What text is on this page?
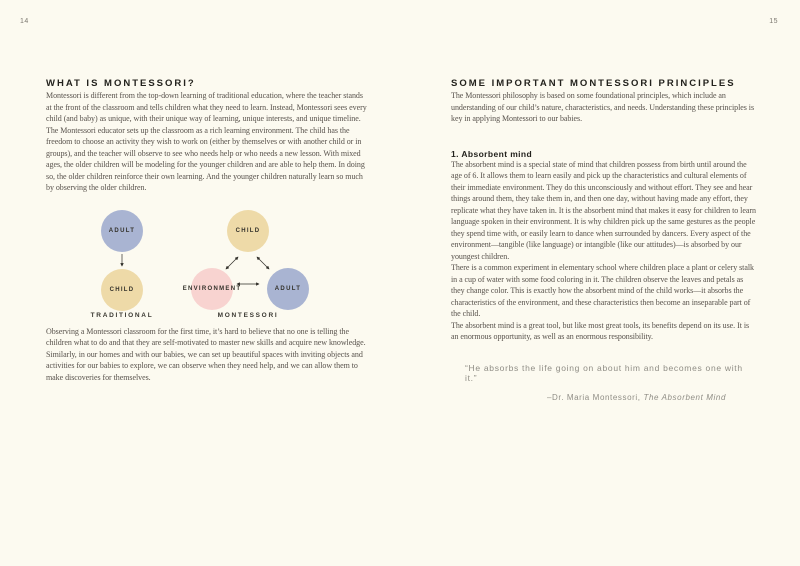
14
WHAT IS MONTESSORI?

Montessori is different from the top-down learning of traditional education, where the teacher stands at the front of the classroom and tells children what they need to learn. Instead, Montessori sees every child (and baby) as unique, with their unique way of learning, unique interests, and unique timeline.

The Montessori educator sets up the classroom as a rich learning environment. The child has the freedom to choose an activity they wish to work on (either by themselves or with another child or in groups), and the teacher will observe to see who needs help or who needs a new lesson. With mixed ages, the older children will be modeling for the younger children and are able to help them. In doing so, the older children reinforce their own learning. And the younger children naturally learn so much by observing the older children.

ADULT
CHILD
CHILD
ENVIRONMENT	ADULT
TRADITIONAL	MONTESSORI

Observing a Montessori classroom for the first time, it’s hard to believe that no one is telling the children what to do and that they are self-motivated to master new skills and acquire new knowledge.

Similarly, in our homes and with our babies, we can set up beautiful spaces with inviting objects and activities for our babies to explore, we can observe when they need help, and we can allow them to make discoveries for themselves.

15
SOME IMPORTANT MONTESSORI PRINCIPLES

The Montessori philosophy is based on some foundational principles, which include an understanding of our child’s nature, characteristics, and needs. Understanding these principles is key in applying Montessori to our babies.

1. Absorbent mind

The absorbent mind is a special state of mind that children possess from birth until around the age of 6. It allows them to learn easily and pick up the characteristics and cultural elements of their immediate environment. They do this unconsciously and without effort. They see and hear things around them, they take them in, and then one day, without having made any effort, they replicate what they have taken in. It is the absorbent mind that makes it easy for children to learn language spoken in their environment. It is why children pick up the same gestures as the people they spend time with, or easily learn to dance when surrounded by dancers. Every aspect of the environment—tangible (like language) or intangible (like our attitudes)—is absorbed by our youngest children.

There is a common experiment in elementary school where children place a plant or celery stalk in a cup of water with some food coloring in it. The children observe the leaves and petals as they change color. This is exactly how the absorbent mind of the child works—it absorbs the characteristics of the environment, and these characteristics then become an inseparable part of the child.

The absorbent mind is a great tool, but like most great tools, its benefits depend on its use. It is an enormous opportunity, as well as an enormous responsibility.

“He absorbs the life going on about him and becomes one with it.”
–Dr. Maria Montessori, The Absorbent Mind
